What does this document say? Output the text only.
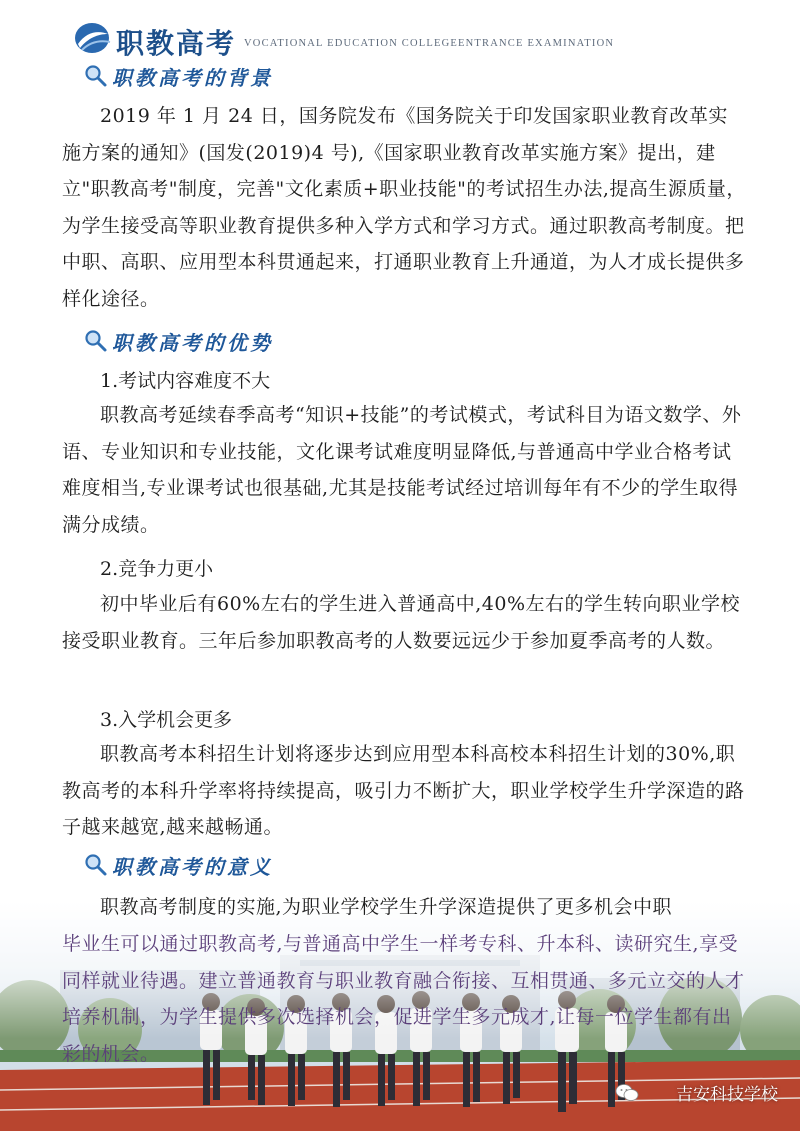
职教高考 VOCATIONAL EDUCATION COLLEGEENTRANCE EXAMINATION
职教高考的背景
2019 年 1 月 24 日，国务院发布《国务院关于印发国家职业教育改革实施方案的通知》(国发(2019)4 号),《国家职业教育改革实施方案》提出，建立"职教高考"制度，完善"文化素质+职业技能"的考试招生办法,提高生源质量，为学生接受高等职业教育提供多种入学方式和学习方式。通过职教高考制度。把中职、高职、应用型本科贯通起来，打通职业教育上升通道，为人才成长提供多样化途径。
职教高考的优势
1.考试内容难度不大
职教高考延续春季高考“知识+技能”的考试模式，考试科目为语文数学、外语、专业知识和专业技能，文化课考试难度明显降低,与普通高中学业合格考试难度相当,专业课考试也很基础,尤其是技能考试经过培训每年有不少的学生取得满分成绩。
2.竞争力更小
初中毕业后有60%左右的学生进入普通高中,40%左右的学生转向职业学校接受职业教育。三年后参加职教高考的人数要远远少于参加夏季高考的人数。
3.入学机会更多
职教高考本科招生计划将逐步达到应用型本科高校本科招生计划的30%,职教高考的本科升学率将持续提高，吸引力不断扩大，职业学校学生升学深造的路子越来越宽,越来越畅通。
职教高考的意义
职教高考制度的实施,为职业学校学生升学深造提供了更多机会中职
毕业生可以通过职教高考,与普通高中学生一样考专科、升本科、读研究生,享受同样就业待遇。建立普通教育与职业教育融合衔接、互相贯通、多元立交的人才培养机制，为学生提供多次选择机会，促进学生多元成才,让每一位学生都有出彩的机会。
吉安科技学校
